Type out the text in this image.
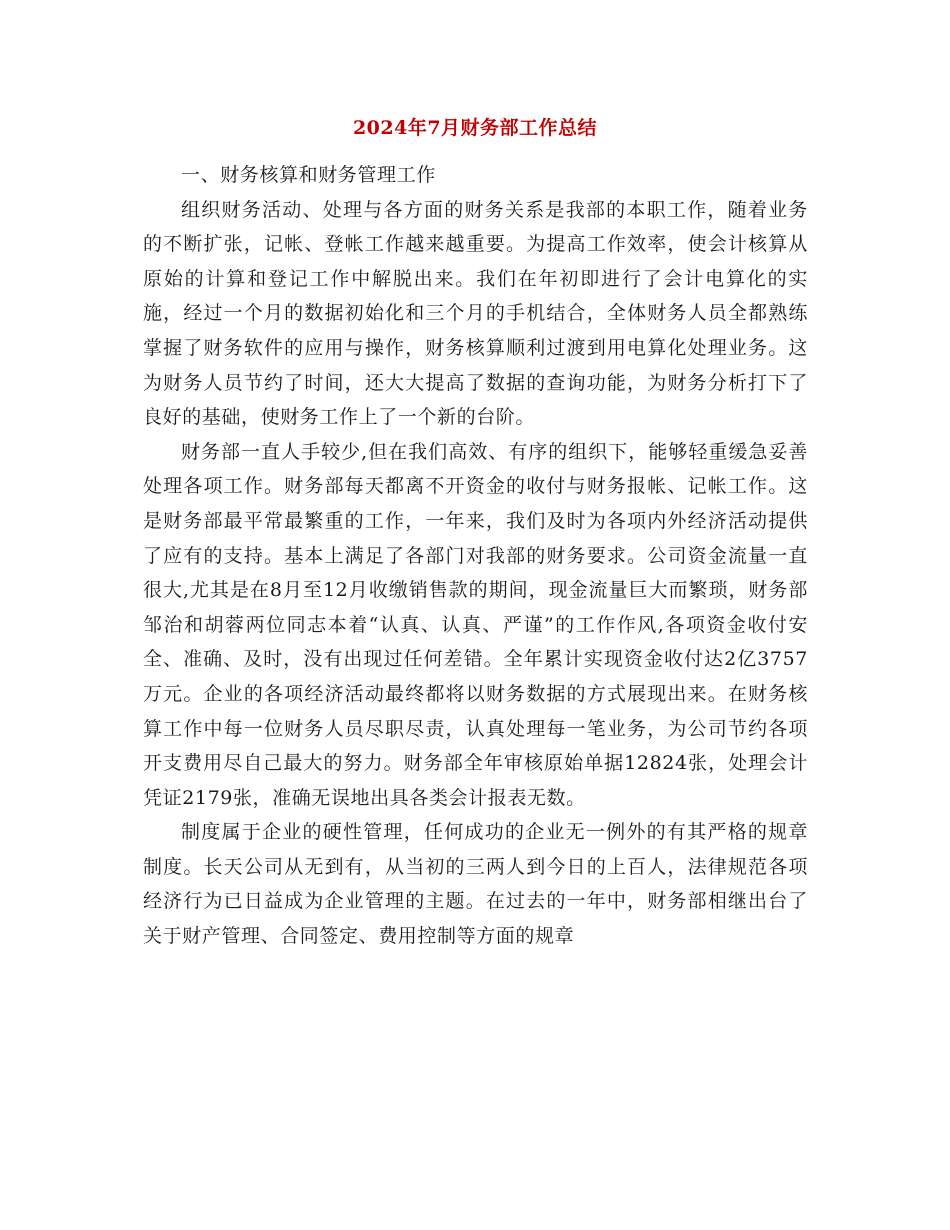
2024年7月财务部工作总结

一、财务核算和财务管理工作

组织财务活动、处理与各方面的财务关系是我部的本职工作，随着业务的不断扩张，记帐、登帐工作越来越重要。为提高工作效率，使会计核算从原始的计算和登记工作中解脱出来。我们在年初即进行了会计电算化的实施，经过一个月的数据初始化和三个月的手机结合，全体财务人员全都熟练掌握了财务软件的应用与操作，财务核算顺利过渡到用电算化处理业务。这为财务人员节约了时间，还大大提高了数据的查询功能，为财务分析打下了良好的基础，使财务工作上了一个新的台阶。

财务部一直人手较少,但在我们高效、有序的组织下，能够轻重缓急妥善处理各项工作。财务部每天都离不开资金的收付与财务报帐、记帐工作。这是财务部最平常最繁重的工作，一年来，我们及时为各项内外经济活动提供了应有的支持。基本上满足了各部门对我部的财务要求。公司资金流量一直很大,尤其是在8月至12月收缴销售款的期间，现金流量巨大而繁琐，财务部邹治和胡蓉两位同志本着“认真、认真、严谨”的工作作风,各项资金收付安全、准确、及时，没有出现过任何差错。全年累计实现资金收付达2亿3757万元。企业的各项经济活动最终都将以财务数据的方式展现出来。在财务核算工作中每一位财务人员尽职尽责，认真处理每一笔业务，为公司节约各项开支费用尽自己最大的努力。财务部全年审核原始单据12824张，处理会计凭证2179张，准确无误地出具各类会计报表无数。

制度属于企业的硬性管理，任何成功的企业无一例外的有其严格的规章制度。长天公司从无到有，从当初的三两人到今日的上百人，法律规范各项经济行为已日益成为企业管理的主题。在过去的一年中，财务部相继出台了关于财产管理、合同签定、费用控制等方面的规章
